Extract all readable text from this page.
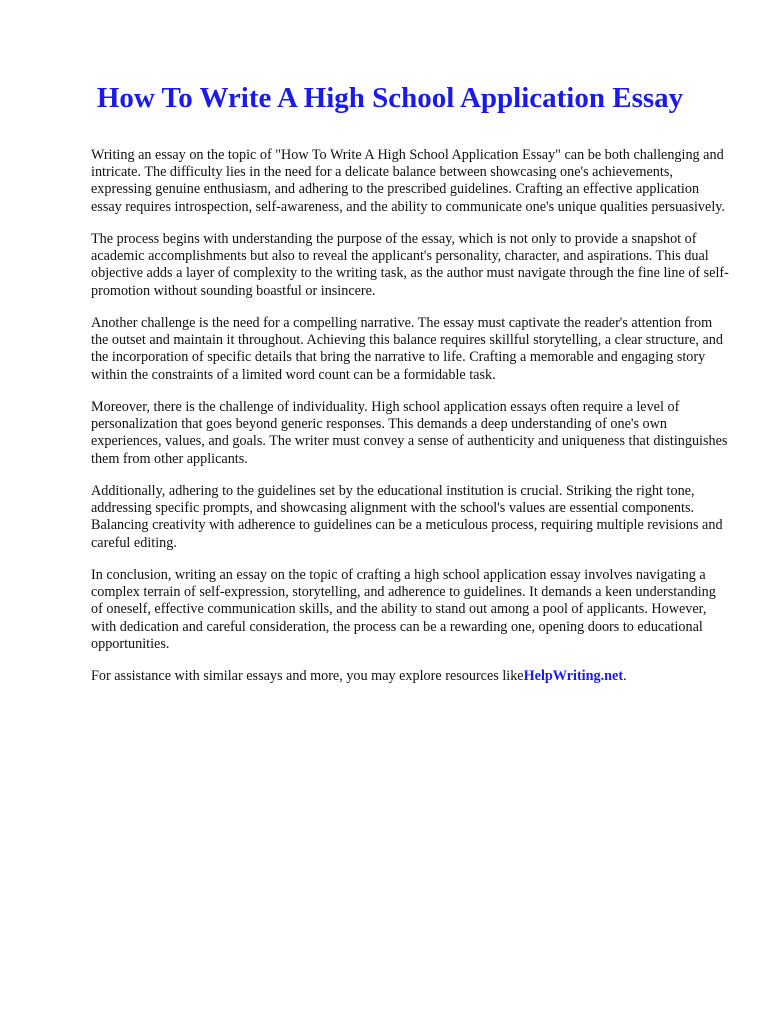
How To Write A High School Application Essay

Writing an essay on the topic of "How To Write A High School Application Essay" can be both challenging and intricate. The difficulty lies in the need for a delicate balance between showcasing one's achievements, expressing genuine enthusiasm, and adhering to the prescribed guidelines. Crafting an effective application essay requires introspection, self-awareness, and the ability to communicate one's unique qualities persuasively.

The process begins with understanding the purpose of the essay, which is not only to provide a snapshot of academic accomplishments but also to reveal the applicant's personality, character, and aspirations. This dual objective adds a layer of complexity to the writing task, as the author must navigate through the fine line of self-promotion without sounding boastful or insincere.

Another challenge is the need for a compelling narrative. The essay must captivate the reader's attention from the outset and maintain it throughout. Achieving this balance requires skillful storytelling, a clear structure, and the incorporation of specific details that bring the narrative to life. Crafting a memorable and engaging story within the constraints of a limited word count can be a formidable task.

Moreover, there is the challenge of individuality. High school application essays often require a level of personalization that goes beyond generic responses. This demands a deep understanding of one's own experiences, values, and goals. The writer must convey a sense of authenticity and uniqueness that distinguishes them from other applicants.

Additionally, adhering to the guidelines set by the educational institution is crucial. Striking the right tone, addressing specific prompts, and showcasing alignment with the school's values are essential components. Balancing creativity with adherence to guidelines can be a meticulous process, requiring multiple revisions and careful editing.

In conclusion, writing an essay on the topic of crafting a high school application essay involves navigating a complex terrain of self-expression, storytelling, and adherence to guidelines. It demands a keen understanding of oneself, effective communication skills, and the ability to stand out among a pool of applicants. However, with dedication and careful consideration, the process can be a rewarding one, opening doors to educational opportunities.

For assistance with similar essays and more, you may explore resources likeHelpWriting.net.
